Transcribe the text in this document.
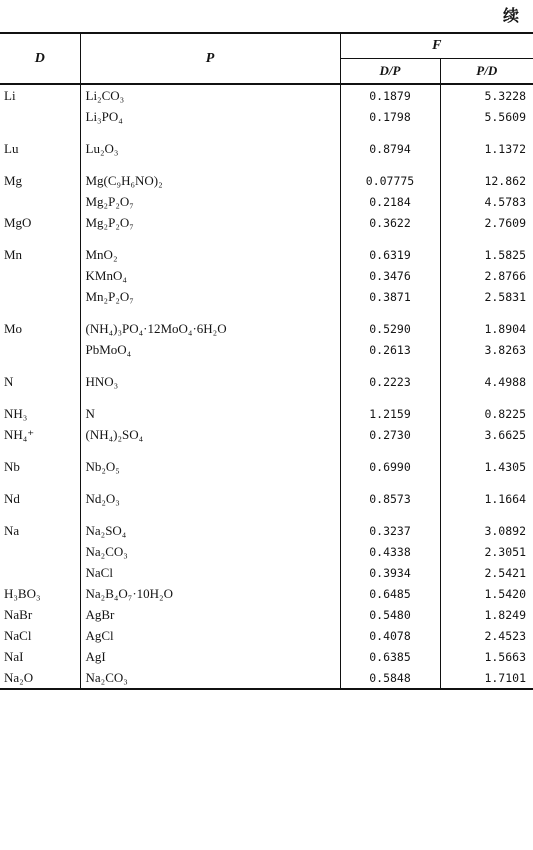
续
D	P	F	
		D/P	P/D
Li	Li₂CO₃	0.1879	5.3228
	Li₃PO₄	0.1798	5.5609

Lu	Lu₂O₃	0.8794	1.1372

Mg	Mg(C₉H₆NO)₂	0.07775	12.862
	Mg₂P₂O₇	0.2184	4.5783
MgO	Mg₂P₂O₇	0.3622	2.7609

Mn	MnO₂	0.6319	1.5825
	KMnO₄	0.3476	2.8766
	Mn₂P₂O₇	0.3871	2.5831

Mo	(NH₄)₃PO₄·12MoO₄·6H₂O	0.5290	1.8904
	PbMoO₄	0.2613	3.8263

N	HNO₃	0.2223	4.4988

NH₃	N	1.2159	0.8225
NH₄⁺	(NH₄)₂SO₄	0.2730	3.6625

Nb	Nb₂O₅	0.6990	1.4305

Nd	Nd₂O₃	0.8573	1.1664

Na	Na₂SO₄	0.3237	3.0892
	Na₂CO₃	0.4338	2.3051
	NaCl	0.3934	2.5421
H₃BO₃	Na₂B₄O₇·10H₂O	0.6485	1.5420
NaBr	AgBr	0.5480	1.8249
NaCl	AgCl	0.4078	2.4523
NaI	AgI	0.6385	1.5663
Na₂O	Na₂CO₃	0.5848	1.7101
